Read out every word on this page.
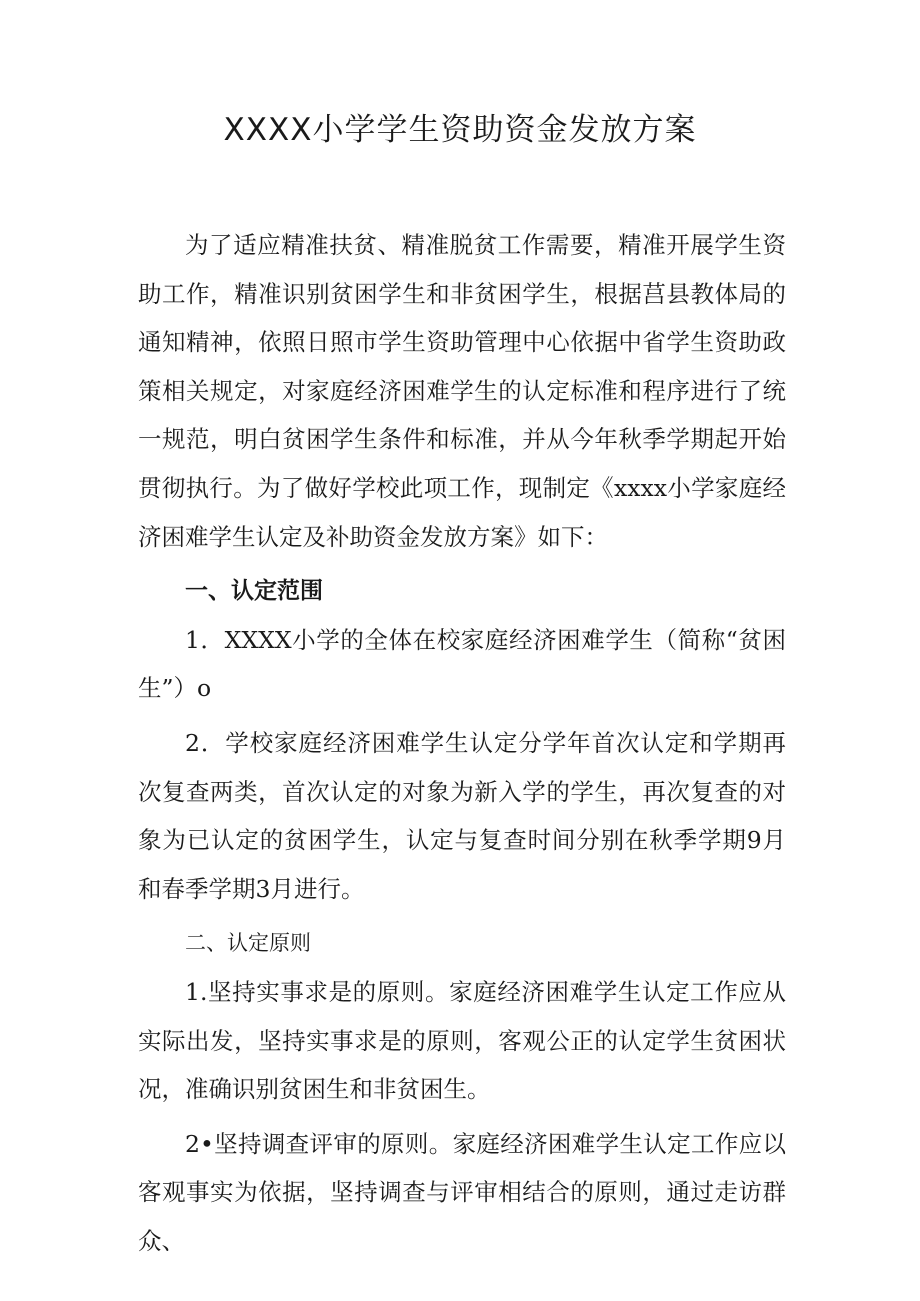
XXXX小学学生资助资金发放方案

为了适应精准扶贫、精准脱贫工作需要，精准开展学生资助工作，精准识别贫困学生和非贫困学生，根据莒县教体局的通知精神，依照日照市学生资助管理中心依据中省学生资助政策相关规定，对家庭经济困难学生的认定标准和程序进行了统一规范，明白贫困学生条件和标准，并从今年秋季学期起开始贯彻执行。为了做好学校此项工作，现制定《xxxx小学家庭经济困难学生认定及补助资金发放方案》如下：

一、认定范围

1．XXXX小学的全体在校家庭经济困难学生（简称“贫困生”）o

2．学校家庭经济困难学生认定分学年首次认定和学期再次复查两类，首次认定的对象为新入学的学生，再次复查的对象为已认定的贫困学生，认定与复查时间分别在秋季学期9月和春季学期3月进行。

二、认定原则

1.坚持实事求是的原则。家庭经济困难学生认定工作应从实际出发，坚持实事求是的原则，客观公正的认定学生贫困状况，准确识别贫困生和非贫困生。

2•坚持调查评审的原则。家庭经济困难学生认定工作应以客观事实为依据，坚持调查与评审相结合的原则，通过走访群众、
